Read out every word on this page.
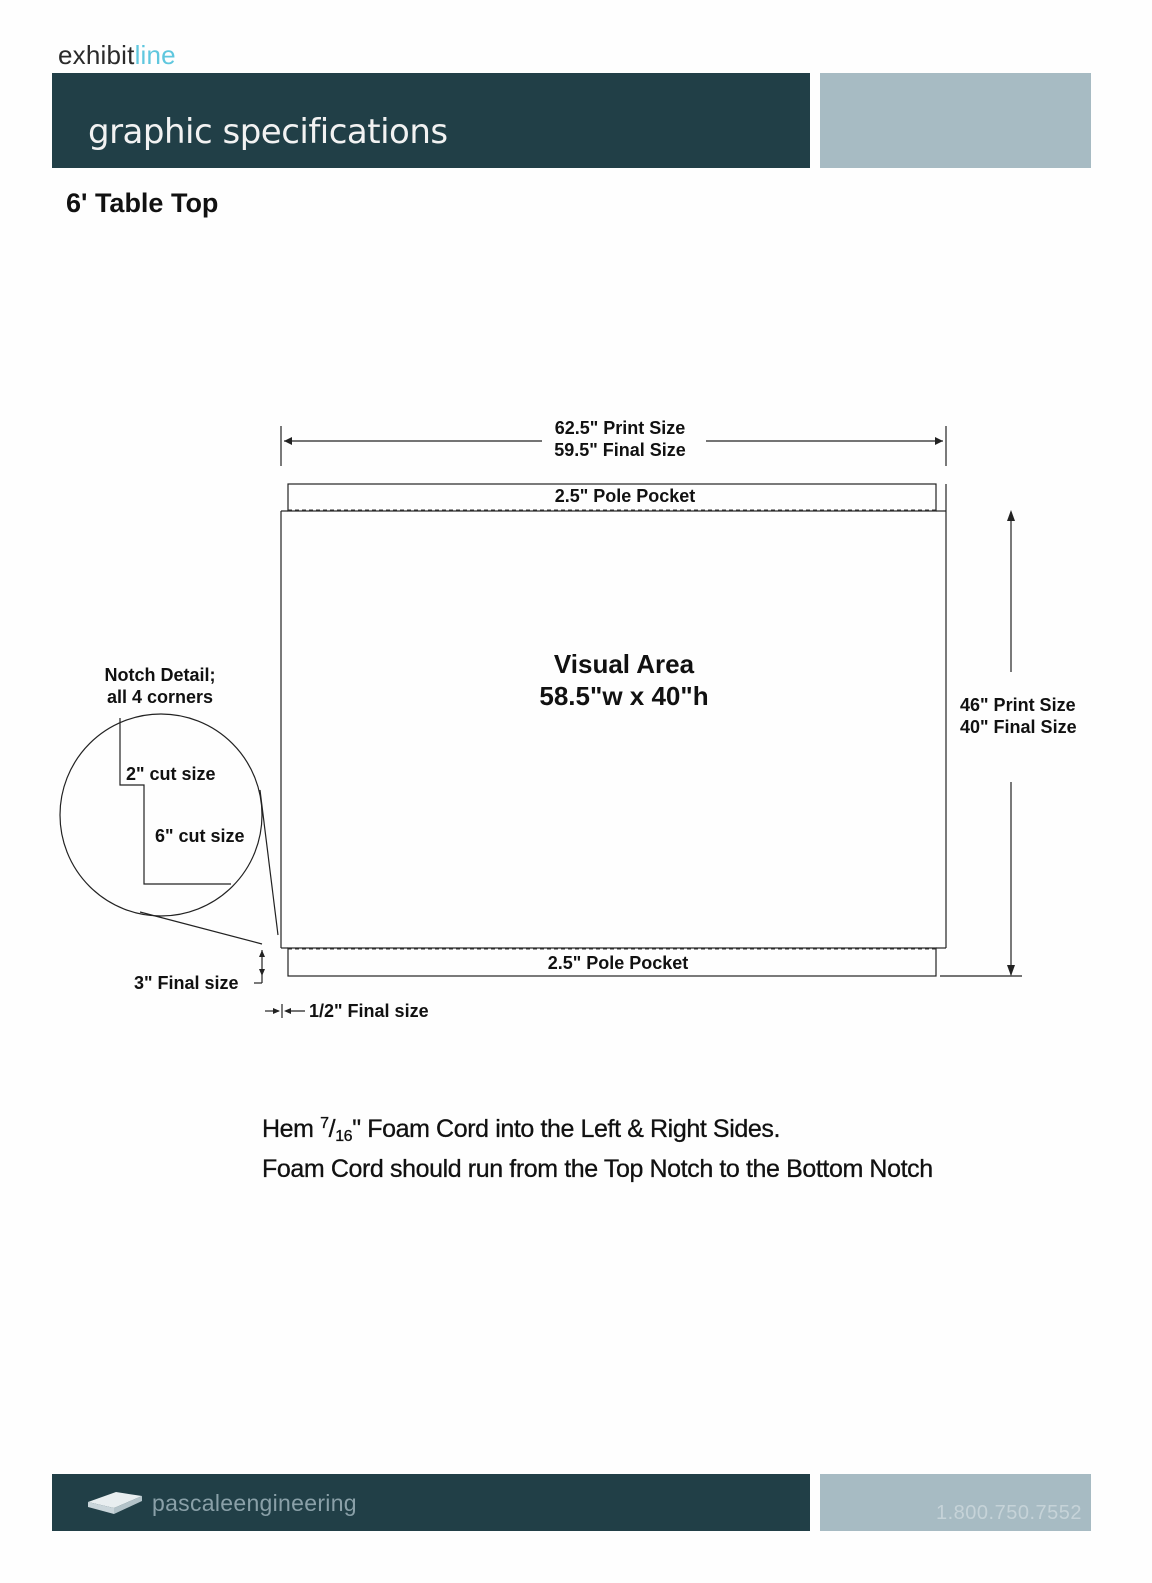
exhibitline
graphic specifications
6' Table Top
62.5" Print Size
59.5" Final Size
2.5" Pole Pocket
2.5" Pole Pocket
Visual Area
58.5"w x 40"h	46" Print Size
40" Final Size
Notch Detail;
all 4 corners
2" cut size
6" cut size
3" Final size
1/2" Final size
Hem $^7/_{16}$" Foam Cord into the Left & Right Sides.
Foam Cord should run from the Top Notch to the Bottom Notch
pascaleengineering	1.800.750.7552
